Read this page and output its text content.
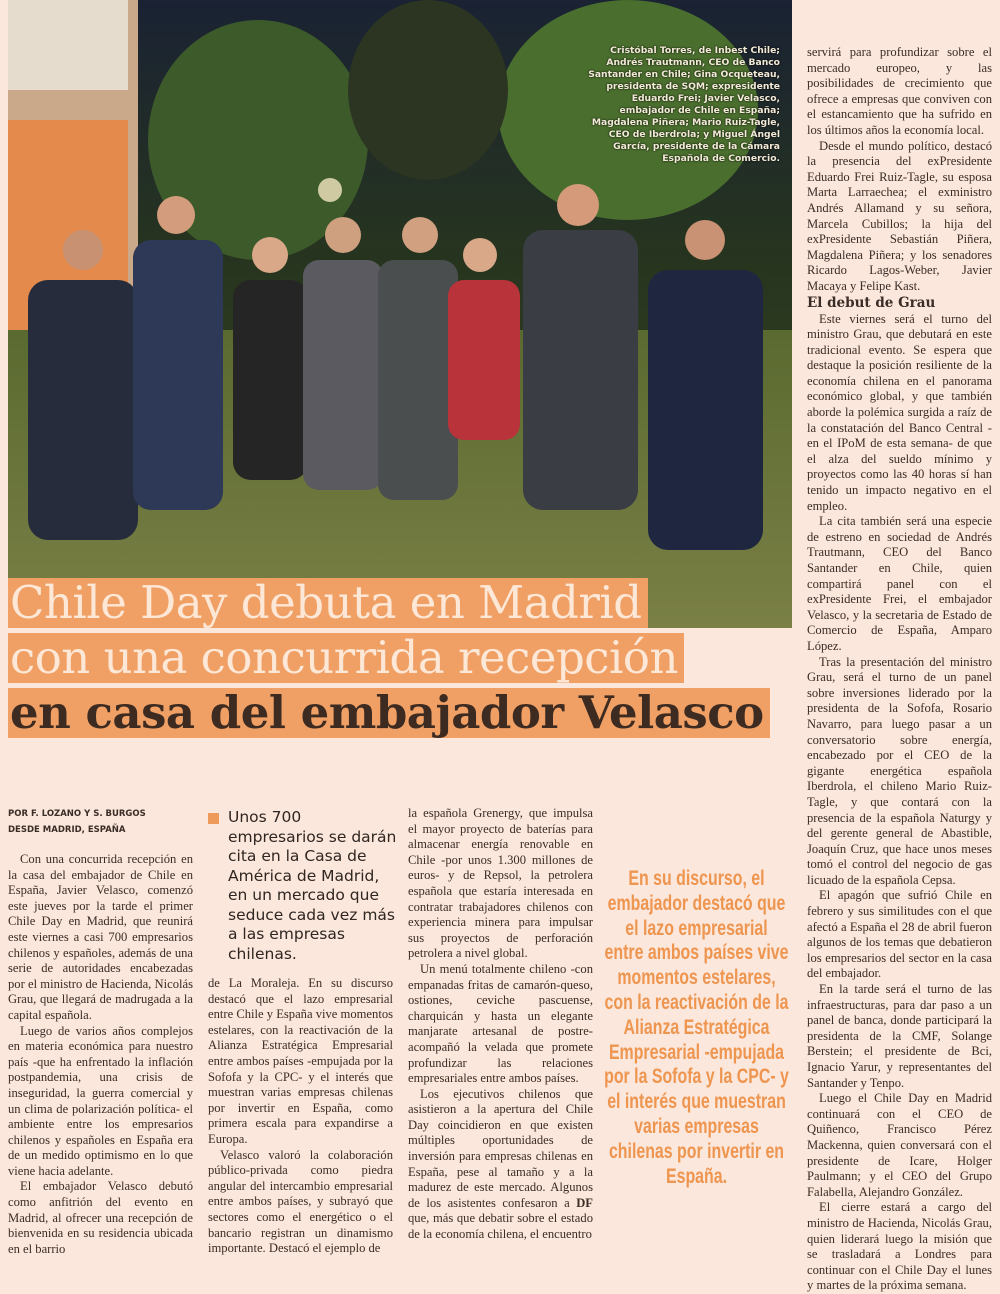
Cristóbal Torres, de Inbest Chile; Andrés Trautmann, CEO de Banco Santander en Chile; Gina Ocqueteau, presidenta de SQM; expresidente Eduardo Frei; Javier Velasco, embajador de Chile en España; Magdalena Piñera; Mario Ruiz-Tagle, CEO de Iberdrola; y Miguel Ángel García, presidente de la Cámara Española de Comercio.
Chile Day debuta en Madrid
con una concurrida recepción
en casa del embajador Velasco
POR F. LOZANO Y S. BURGOS
DESDE MADRID, ESPAÑA

Con una concurrida recepción en la casa del embajador de Chile en España, Javier Velasco, comenzó este jueves por la tarde el primer Chile Day en Madrid, que reunirá este viernes a casi 700 empresarios chilenos y españoles, además de una serie de autoridades encabezadas por el ministro de Hacienda, Nicolás Grau, que llegará de madrugada a la capital española.

Luego de varios años complejos en materia económica para nuestro país -que ha enfrentado la inflación postpandemia, una crisis de inseguridad, la guerra comercial y un clima de polarización política- el ambiente entre los empresarios chilenos y españoles en España era de un medido optimismo en lo que viene hacia adelante.

El embajador Velasco debutó como anfitrión del evento en Madrid, al ofrecer una recepción de bienvenida en su residencia ubicada en el barrio

Unos 700 empresarios se darán cita en la Casa de América de Madrid, en un mercado que seduce cada vez más a las empresas chilenas.

de La Moraleja. En su discurso destacó que el lazo empresarial entre Chile y España vive momentos estelares, con la reactivación de la Alianza Estratégica Empresarial entre ambos países -empujada por la Sofofa y la CPC- y el interés que muestran varias empresas chilenas por invertir en España, como primera escala para expandirse a Europa.

Velasco valoró la colaboración público-privada como piedra angular del intercambio empresarial entre ambos países, y subrayó que sectores como el energético o el bancario registran un dinamismo importante. Destacó el ejemplo de

la española Grenergy, que impulsa el mayor proyecto de baterías para almacenar energía renovable en Chile -por unos 1.300 millones de euros- y de Repsol, la petrolera española que estaría interesada en contratar trabajadores chilenos con experiencia minera para impulsar sus proyectos de perforación petrolera a nivel global.

Un menú totalmente chileno -con empanadas fritas de camarón-queso, ostiones, ceviche pascuense, charquicán y hasta un elegante manjarate artesanal de postre- acompañó la velada que promete profundizar las relaciones empresariales entre ambos países.

Los ejecutivos chilenos que asistieron a la apertura del Chile Day coincidieron en que existen múltiples oportunidades de inversión para empresas chilenas en España, pese al tamaño y a la madurez de este mercado. Algunos de los asistentes confesaron a DF que, más que debatir sobre el estado de la economía chilena, el encuentro

En su discurso, el embajador destacó que el lazo empresarial entre ambos países vive momentos estelares, con la reactivación de la Alianza Estratégica Empresarial -empujada por la Sofofa y la CPC- y el interés que muestran varias empresas chilenas por invertir en España.

servirá para profundizar sobre el mercado europeo, y las posibilidades de crecimiento que ofrece a empresas que conviven con el estancamiento que ha sufrido en los últimos años la economía local.

Desde el mundo político, destacó la presencia del exPresidente Eduardo Frei Ruiz-Tagle, su esposa Marta Larraechea; el exministro Andrés Allamand y su señora, Marcela Cubillos; la hija del exPresidente Sebastián Piñera, Magdalena Piñera; y los senadores Ricardo Lagos-Weber, Javier Macaya y Felipe Kast.

El debut de Grau

Este viernes será el turno del ministro Grau, que debutará en este tradicional evento. Se espera que destaque la posición resiliente de la economía chilena en el panorama económico global, y que también aborde la polémica surgida a raíz de la constatación del Banco Central -en el IPoM de esta semana- de que el alza del sueldo mínimo y proyectos como las 40 horas sí han tenido un impacto negativo en el empleo.

La cita también será una especie de estreno en sociedad de Andrés Trautmann, CEO del Banco Santander en Chile, quien compartirá panel con el exPresidente Frei, el embajador Velasco, y la secretaria de Estado de Comercio de España, Amparo López.

Tras la presentación del ministro Grau, será el turno de un panel sobre inversiones liderado por la presidenta de la Sofofa, Rosario Navarro, para luego pasar a un conversatorio sobre energía, encabezado por el CEO de la gigante energética española Iberdrola, el chileno Mario Ruiz-Tagle, y que contará con la presencia de la española Naturgy y del gerente general de Abastible, Joaquín Cruz, que hace unos meses tomó el control del negocio de gas licuado de la española Cepsa.

El apagón que sufrió Chile en febrero y sus similitudes con el que afectó a España el 28 de abril fueron algunos de los temas que debatieron los empresarios del sector en la casa del embajador.

En la tarde será el turno de las infraestructuras, para dar paso a un panel de banca, donde participará la presidenta de la CMF, Solange Berstein; el presidente de Bci, Ignacio Yarur, y representantes del Santander y Tenpo.

Luego el Chile Day en Madrid continuará con el CEO de Quiñenco, Francisco Pérez Mackenna, quien conversará con el presidente de Icare, Holger Paulmann; y el CEO del Grupo Falabella, Alejandro González.

El cierre estará a cargo del ministro de Hacienda, Nicolás Grau, quien liderará luego la misión que se trasladará a Londres para continuar con el Chile Day el lunes y martes de la próxima semana.
